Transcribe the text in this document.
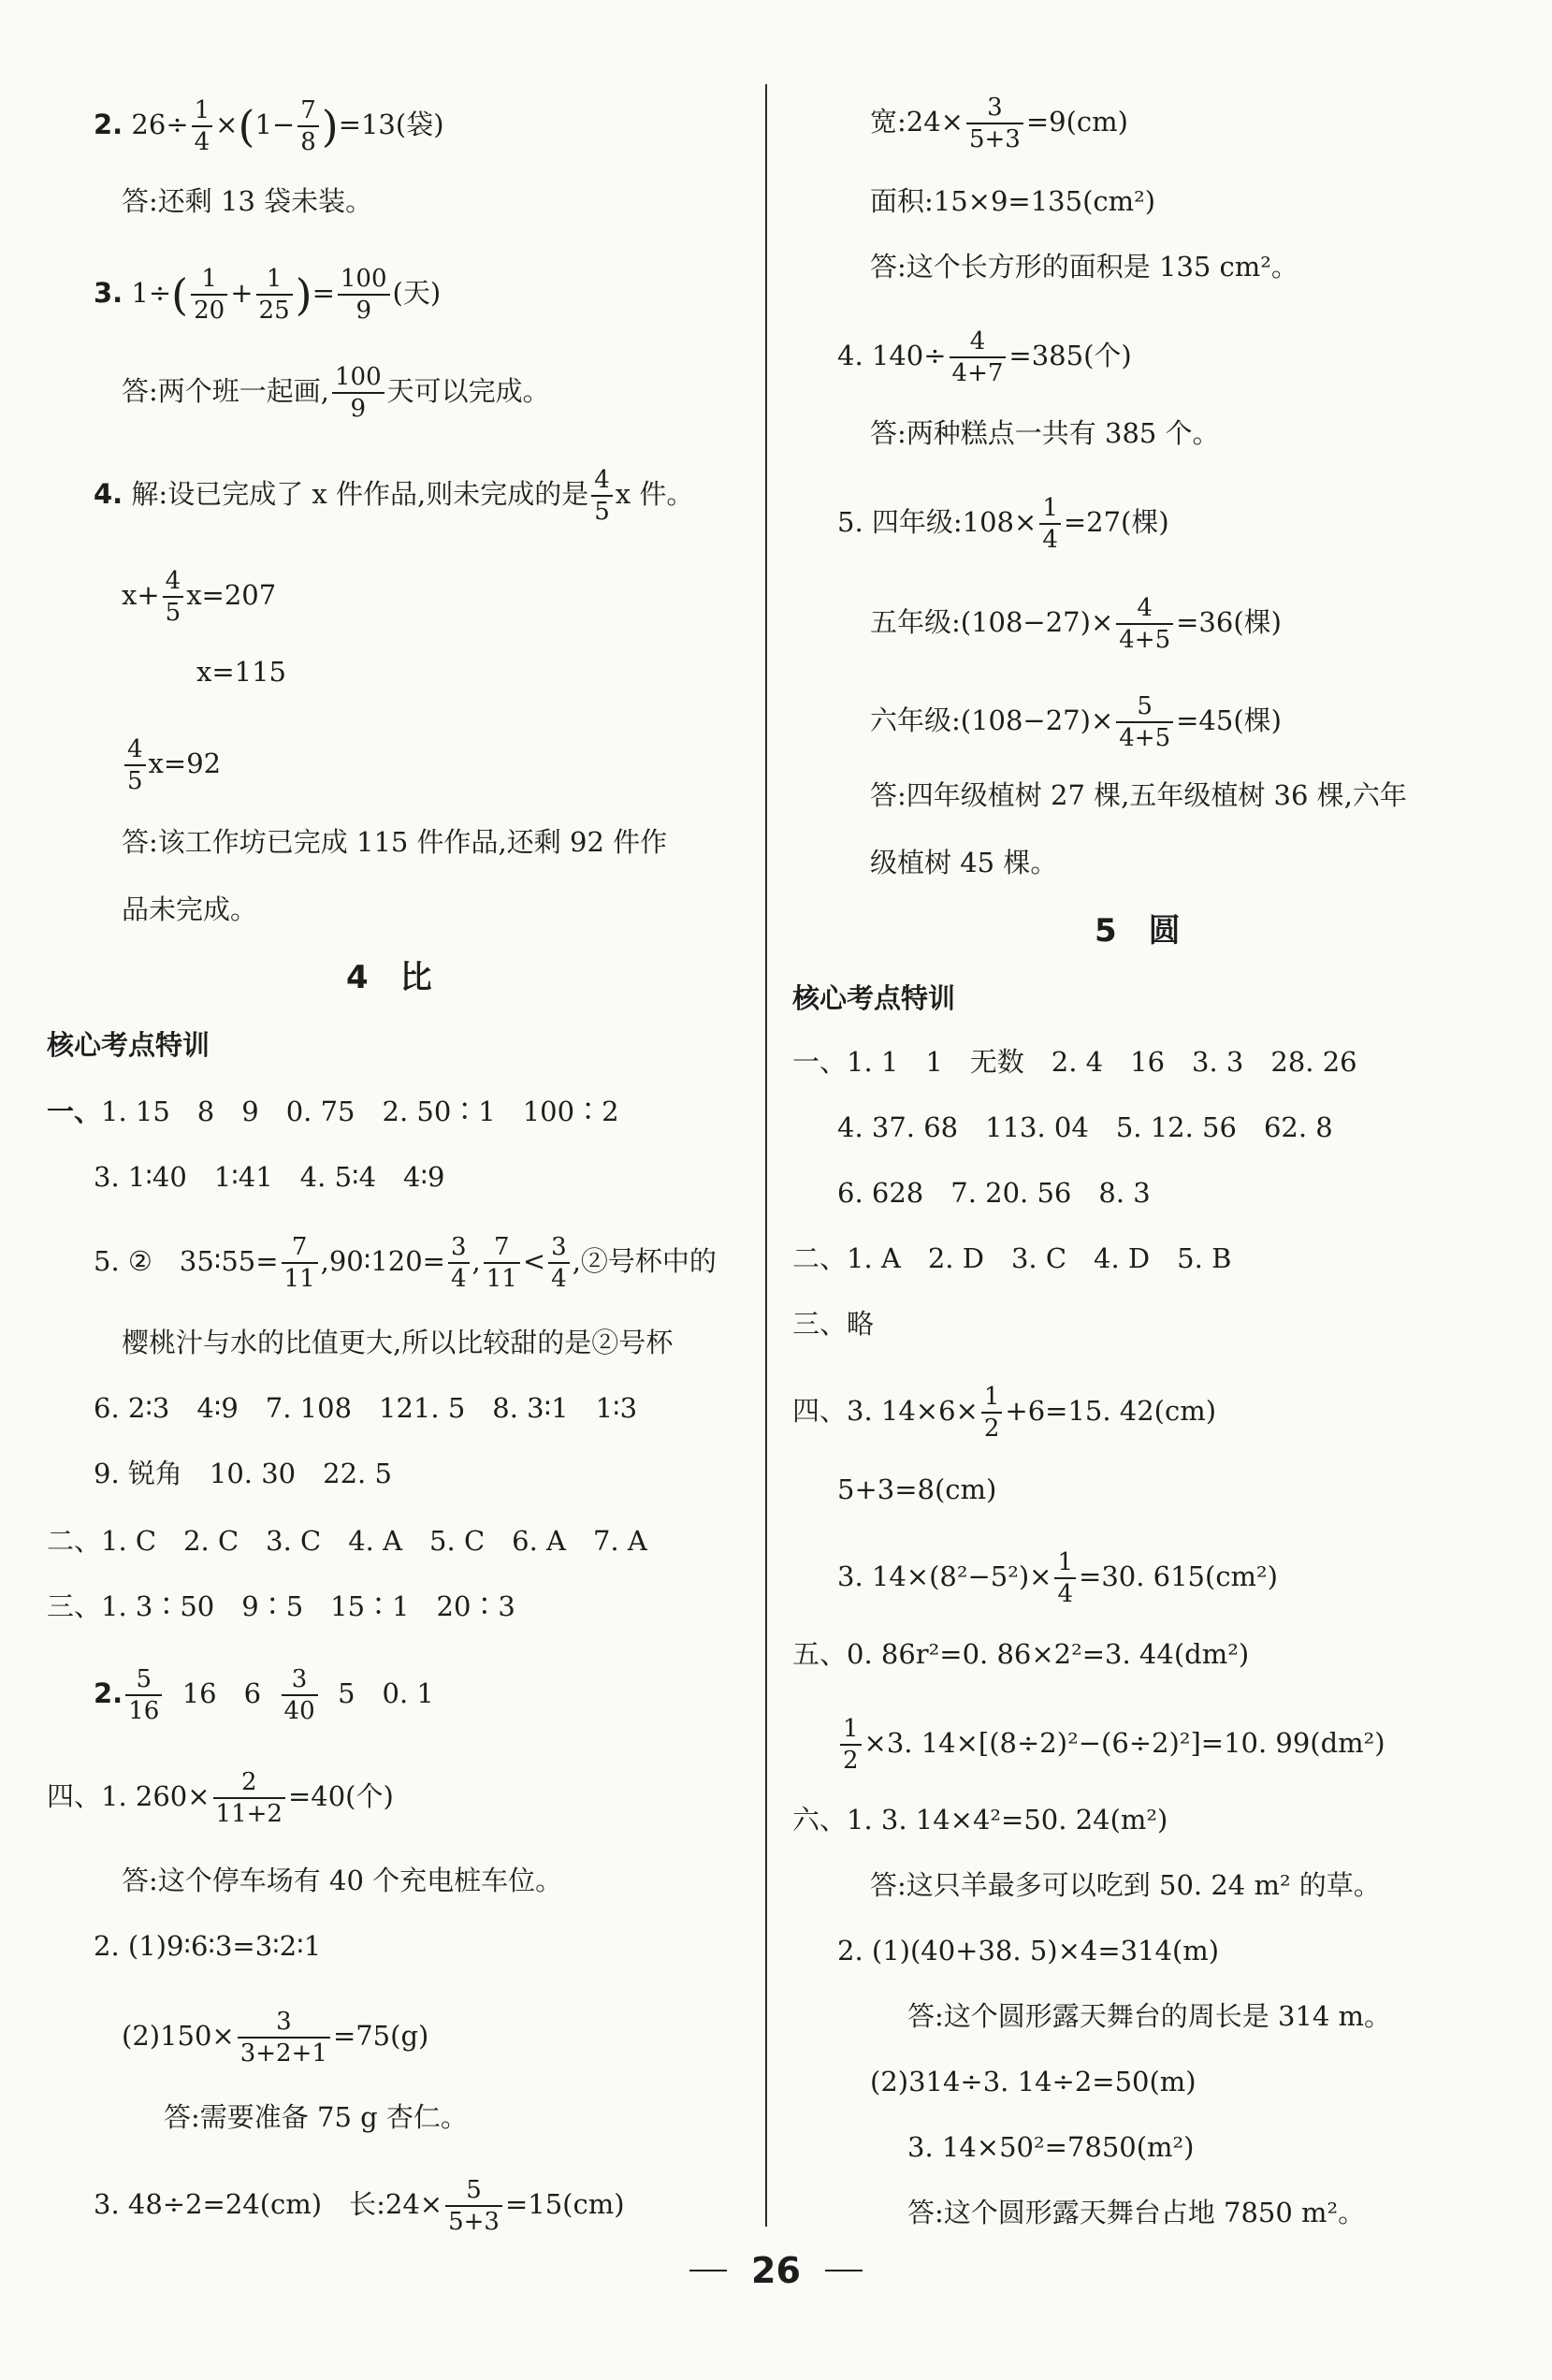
2. $26\div \frac{1}{4} \times(1- \frac{7}{8} )=13$(袋)
答:还剩 13 袋未装。
3. $1\div( \frac{1}{20} + \frac{1}{25}$ )= $\frac{100}{9}$ (天)
答:两个班一起画, $\frac{100}{9}$ 天可以完成。
4. 解:设已完成了 x 件作品,则未完成的是 $\frac{4}{5}$ x 件。
$x+ \frac{4}{5} x=207$
x=115
$\frac{4}{5} x=92$
答:该工作坊已完成 115 件作品,还剩 92 件作
品未完成。
4　比
核心考点特训
一、1. 15　8　9　0. 75　2. 50∶1　100∶2
3. 1∶40　1∶41　4. 5∶4　4∶9
5. ②　35∶55= $\frac{7}{11}$ ,90∶120= $\frac{3}{4}$ , $\frac{7}{11} < \frac{3}{4}$ ,②号杯中的
樱桃汁与水的比值更大,所以比较甜的是②号杯
6. 2∶3　4∶9　7. 108　121. 5　8. 3∶1　1∶3
9. 锐角　10. 30　22. 5
二、1. C　2. C　3. C　4. A　5. C　6. A　7. A
三、1. 3∶50　9∶5　15∶1　20∶3
2. $\frac{5}{16} 16$　$6 \frac{3}{40} 5$　0. 1
四、1. $260\times \frac{2}{11+2} =40$(个)
答:这个停车场有 40 个充电桩车位。
2. (1)9∶6∶3=3∶2∶1
$(2)150\times \frac{3}{3+2+1} =75(g)$
答:需要准备 75 g 杏仁。
3. 48÷2=24(cm)　长:24× $\frac{5}{5+3} =15(cm)$
宽:24× $\frac{3}{5+3} =9(cm)$
面积:15×9=135(cm²)
答:这个长方形的面积是 135 cm²。
4. $140\div \frac{4}{4+7} =385$(个)
答:两种糕点一共有 385 个。
5. 四年级:108× $\frac{1}{4} =27$(棵)
五年级:(108−27)× $\frac{4}{4+5} =36$(棵)
六年级:(108−27)× $\frac{5}{4+5} =45$(棵)
答:四年级植树 27 棵,五年级植树 36 棵,六年
级植树 45 棵。
5　圆
核心考点特训
一、1. 1　1　无数　2. 4　16　3. 3　28. 26
4. 37. 68　113. 04　5. 12. 56　62. 8
6. 628　7. 20. 56　8. 3
二、1. A　2. D　3. C　4. D　5. B
三、略
四、3. $14\times 6\times \frac{1}{2} +6=15$. 42(cm)
5+3=8(cm)
3. $14\times(8^2-5^2)\times \frac{1}{4} =30$. 615(cm²)
五、0. 86r²=0. 86×2²=3. 44(dm²)
$\frac{1}{2} \times 3$. 14×[(8÷2)²−(6÷2)²]=10. 99(dm²)
六、1. 3. 14×4²=50. 24(m²)
答:这只羊最多可以吃到 50. 24 m² 的草。
2. (1)(40+38. 5)×4=314(m)
答:这个圆形露天舞台的周长是 314 m。
(2)314÷3. 14÷2=50(m)
3. 14×50²=7850(m²)
答:这个圆形露天舞台占地 7850 m²。
26
